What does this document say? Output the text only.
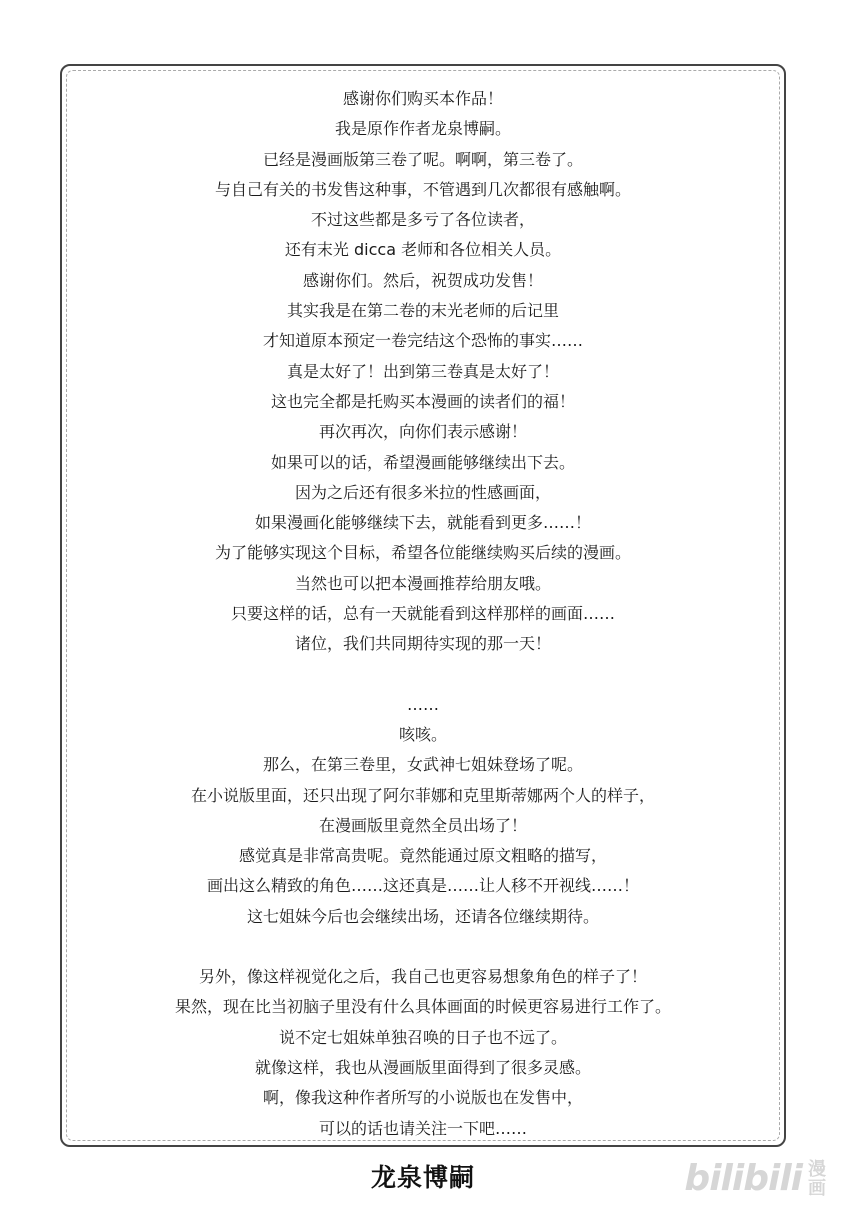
感谢你们购买本作品！
我是原作作者龙泉博嗣。
已经是漫画版第三卷了呢。啊啊，第三卷了。
与自己有关的书发售这种事，不管遇到几次都很有感触啊。
不过这些都是多亏了各位读者，
还有末光 dicca 老师和各位相关人员。
感谢你们。然后，祝贺成功发售！
其实我是在第二卷的末光老师的后记里
才知道原本预定一卷完结这个恐怖的事实……
真是太好了！出到第三卷真是太好了！
这也完全都是托购买本漫画的读者们的福！
再次再次，向你们表示感谢！
如果可以的话，希望漫画能够继续出下去。
因为之后还有很多米拉的性感画面，
如果漫画化能够继续下去，就能看到更多……！
为了能够实现这个目标，希望各位能继续购买后续的漫画。
当然也可以把本漫画推荐给朋友哦。
只要这样的话，总有一天就能看到这样那样的画面……
诸位，我们共同期待实现的那一天！
……
咳咳。
那么，在第三卷里，女武神七姐妹登场了呢。
在小说版里面，还只出现了阿尔菲娜和克里斯蒂娜两个人的样子，
在漫画版里竟然全员出场了！
感觉真是非常高贵呢。竟然能通过原文粗略的描写，
画出这么精致的角色……这还真是……让人移不开视线……！
这七姐妹今后也会继续出场，还请各位继续期待。
另外，像这样视觉化之后，我自己也更容易想象角色的样子了！
果然，现在比当初脑子里没有什么具体画面的时候更容易进行工作了。
说不定七姐妹单独召唤的日子也不远了。
就像这样，我也从漫画版里面得到了很多灵感。
啊，像我这种作者所写的小说版也在发售中，
可以的话也请关注一下吧……
龙泉博嗣	bilibili 漫画
